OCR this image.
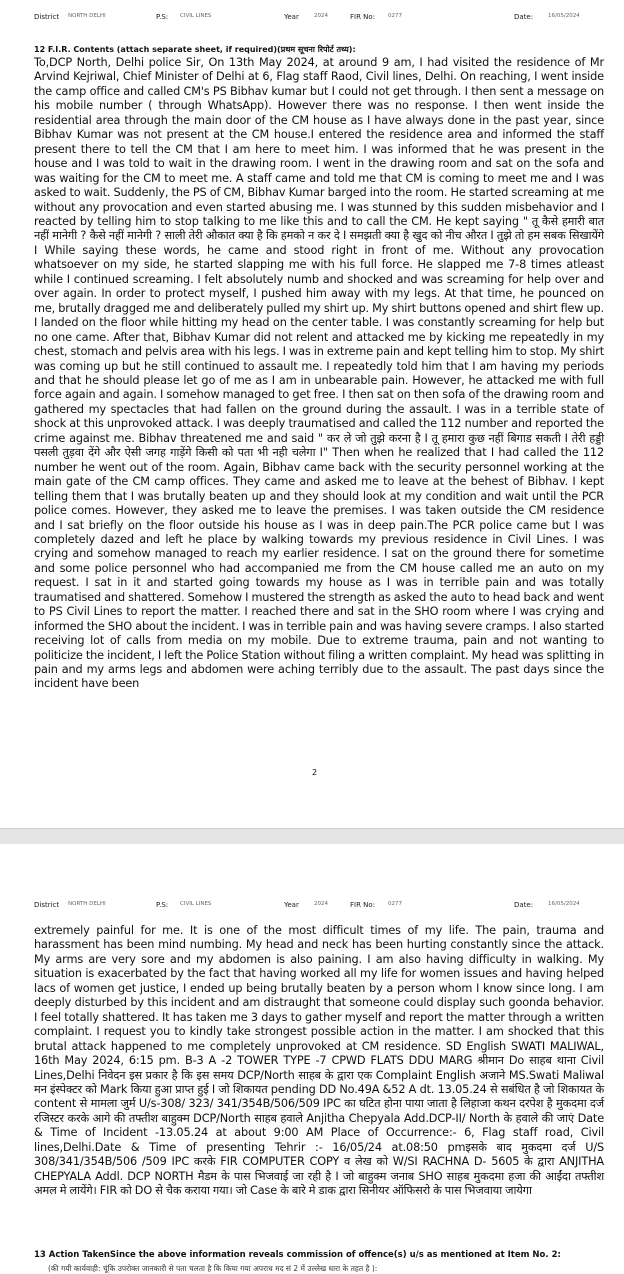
District NORTH DELHI	P.S: CIVIL LINES	Year	2024	FIR No: 0277	Date:	16/05/2024
12 F.I.R. Contents (attach separate sheet, if required)(प्रथम सूचना रिपोर्ट तथ्य):
To,DCP North, Delhi police Sir, On 13th May 2024, at around 9 am, I had visited the residence of Mr Arvind Kejriwal, Chief Minister of Delhi at 6, Flag staff Raod, Civil lines, Delhi. On reaching, I went inside the camp office and called CM's PS Bibhav kumar but I could not get through. I then sent a message on his mobile number ( through WhatsApp). However there was no response. I then went inside the residential area through the main door of the CM house as I have always done in the past year, since Bibhav Kumar was not present at the CM house.I entered the residence area and informed the staff present there to tell the CM that I am here to meet him. I was informed that he was present in the house and I was told to wait in the drawing room. I went in the drawing room and sat on the sofa and was waiting for the CM to meet me. A staff came and told me that CM is coming to meet me and I was asked to wait. Suddenly, the PS of CM, Bibhav Kumar barged into the room. He started screaming at me without any provocation and even started abusing me. I was stunned by this sudden misbehavior and I reacted by telling him to stop talking to me like this and to call the CM. He kept saying " तू कैसे हमारी बात नहीं मानेगी ? कैसे नहीं मानेगी ? साली तेरी औकात क्या है कि हमको न कर दे I समझती क्या है खुद को नीच औरत I तुझे तो हम सबक सिखायेंगे I While saying these words, he came and stood right in front of me. Without any provocation whatsoever on my side, he started slapping me with his full force. He slapped me 7-8 times atleast while I continued screaming. I felt absolutely numb and shocked and was screaming for help over and over again. In order to protect myself, I pushed him away with my legs. At that time, he pounced on me, brutally dragged me and deliberately pulled my shirt up. My shirt buttons opened and shirt flew up. I landed on the floor while hitting my head on the center table. I was constantly screaming for help but no one came. After that, Bibhav Kumar did not relent and attacked me by kicking me repeatedly in my chest, stomach and pelvis area with his legs. I was in extreme pain and kept telling him to stop. My shirt was coming up but he still continued to assault me. I repeatedly told him that I am having my periods and that he should please let go of me as I am in unbearable pain. However, he attacked me with full force again and again. I somehow managed to get free. I then sat on then sofa of the drawing room and gathered my spectacles that had fallen on the ground during the assault. I was in a terrible state of shock at this unprovoked attack. I was deeply traumatised and called the 112 number and reported the crime against me. Bibhav threatened me and said " कर ले जो तुझे करना है I तू हमारा कुछ नहीं बिगाड सकती I तेरी हड्डी पसली तुड़वा देंगे और ऐसी जगह गाड़ेंगे किसी को पता भी नही चलेगा I" Then when he realized that I had called the 112 number he went out of the room. Again, Bibhav came back with the security personnel working at the main gate of the CM camp offices. They came and asked me to leave at the behest of Bibhav. I kept telling them that I was brutally beaten up and they should look at my condition and wait until the PCR police comes. However, they asked me to leave the premises. I was taken outside the CM residence and I sat briefly on the floor outside his house as I was in deep pain.The PCR police came but I was completely dazed and left he place by walking towards my previous residence in Civil Lines. I was crying and somehow managed to reach my earlier residence. I sat on the ground there for sometime and some police personnel who had accompanied me from the CM house called me an auto on my request. I sat in it and started going towards my house as I was in terrible pain and was totally traumatised and shattered. Somehow I mustered the strength as asked the auto to head back and went to PS Civil Lines to report the matter. I reached there and sat in the SHO room where I was crying and informed the SHO about the incident. I was in terrible pain and was having severe cramps. I also started receiving lot of calls from media on my mobile. Due to extreme trauma, pain and not wanting to politicize the incident, I left the Police Station without filing a written complaint. My head was splitting in pain and my arms legs and abdomen were aching terribly due to the assault. The past days since the incident have been
2
District NORTH DELHI	P.S: CIVIL LINES	Year	2024	FIR No: 0277	Date:	16/05/2024
extremely painful for me. It is one of the most difficult times of my life. The pain, trauma and harassment has been mind numbing. My head and neck has been hurting constantly since the attack. My arms are very sore and my abdomen is also paining. I am also having difficulty in walking. My situation is exacerbated by the fact that having worked all my life for women issues and having helped lacs of women get justice, I ended up being brutally beaten by a person whom I know since long. I am deeply disturbed by this incident and am distraught that someone could display such goonda behavior. I feel totally shattered. It has taken me 3 days to gather myself and report the matter through a written complaint. I request you to kindly take strongest possible action in the matter. I am shocked that this brutal attack happened to me completely unprovoked at CM residence. SD English SWATI MALIWAL, 16th May 2024, 6:15 pm. B-3 A -2 TOWER TYPE -7 CPWD FLATS DDU MARG श्रीमान Do साहब थाना Civil Lines,Delhi निवेदन इस प्रकार है कि इस समय DCP/North साहब के द्वारा एक Complaint English अजाने MS.Swati Maliwal मन इंस्पेक्टर को Mark किया हुआ प्राप्त हुई I जो शिकायत pending DD No.49A &52 A dt. 13.05.24 से सबंधित है जो शिकायत के content से मामला जुर्म U/s-308/ 323/ 341/354B/506/509 IPC का घटित होना पाया जाता है लिहाजा कथन दरपेश है मुकदमा दर्ज रजिस्टर करके आगे की तफ्तीश बाहुक्म DCP/North साहब हवाले Anjitha Chepyala Add.DCP-II/ North के हवाले की जाएं Date & Time of Incident -13.05.24 at about 9:00 AM Place of Occurrence:- 6, Flag staff road, Civil lines,Delhi.Date & Time of presenting Tehrir :- 16/05/24 at.08:50 pmइसके बाद मुकदमा दर्ज U/S 308/341/354B/506 /509 IPC करके FIR COMPUTER COPY व लेख को W/SI RACHNA D- 5605 के द्वारा ANJITHA CHEPYALA Addl. DCP NORTH मैडम के पास भिजवाई जा रही है I जो बाहुक्म जनाब SHO साहब मुकदमा हजा की आईंदा तफ्तीश अमल मे लायेंगे। FIR को DO से चैक कराया गया। जो Case के बारे मे डाक द्वारा सिनीयर ऑफिसरो के पास भिजवाया जायेगा
13 Action TakenSince the above information reveals commission of offence(s) u/s as mentioned at Item No. 2:
(की गयी कार्यवाही: चूंकि उपरोक्त जानकारी से पता चलता है कि किया गया अपराध मद सं 2 में उल्लेख धारा के तहत है ):
